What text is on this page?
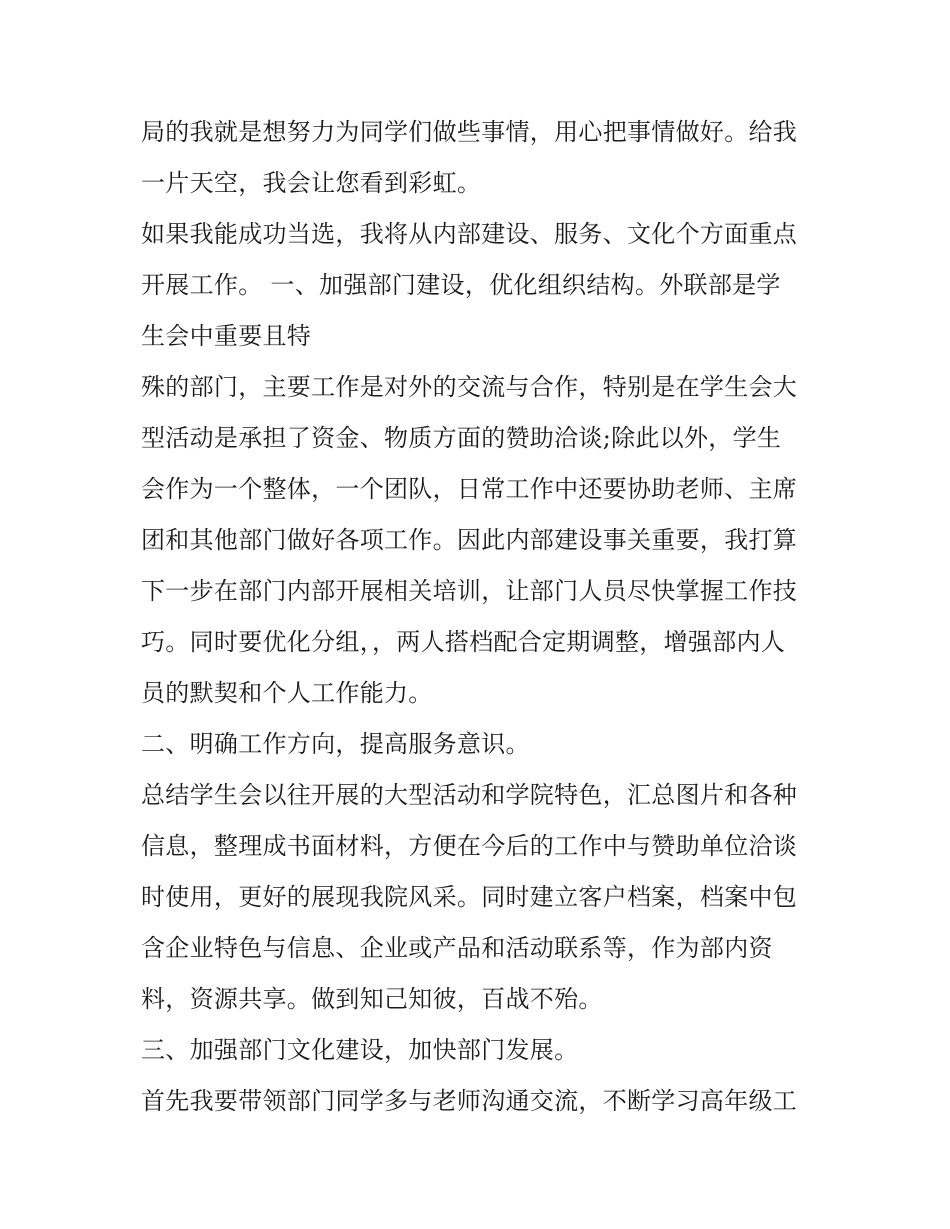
局的我就是想努力为同学们做些事情，用心把事情做好。给我
一片天空，我会让您看到彩虹。
如果我能成功当选，我将从内部建设、服务、文化个方面重点
开展工作。 一、加强部门建设，优化组织结构。外联部是学
生会中重要且特
殊的部门，主要工作是对外的交流与合作，特别是在学生会大
型活动是承担了资金、物质方面的赞助洽谈;除此以外，学生
会作为一个整体，一个团队，日常工作中还要协助老师、主席
团和其他部门做好各项工作。因此内部建设事关重要，我打算
下一步在部门内部开展相关培训，让部门人员尽快掌握工作技
巧。同时要优化分组，，两人搭档配合定期调整，增强部内人
员的默契和个人工作能力。
二、明确工作方向，提高服务意识。
总结学生会以往开展的大型活动和学院特色，汇总图片和各种
信息，整理成书面材料，方便在今后的工作中与赞助单位洽谈
时使用，更好的展现我院风采。同时建立客户档案，档案中包
含企业特色与信息、企业或产品和活动联系等，作为部内资
料，资源共享。做到知己知彼，百战不殆。
三、加强部门文化建设，加快部门发展。
首先我要带领部门同学多与老师沟通交流，不断学习高年级工
